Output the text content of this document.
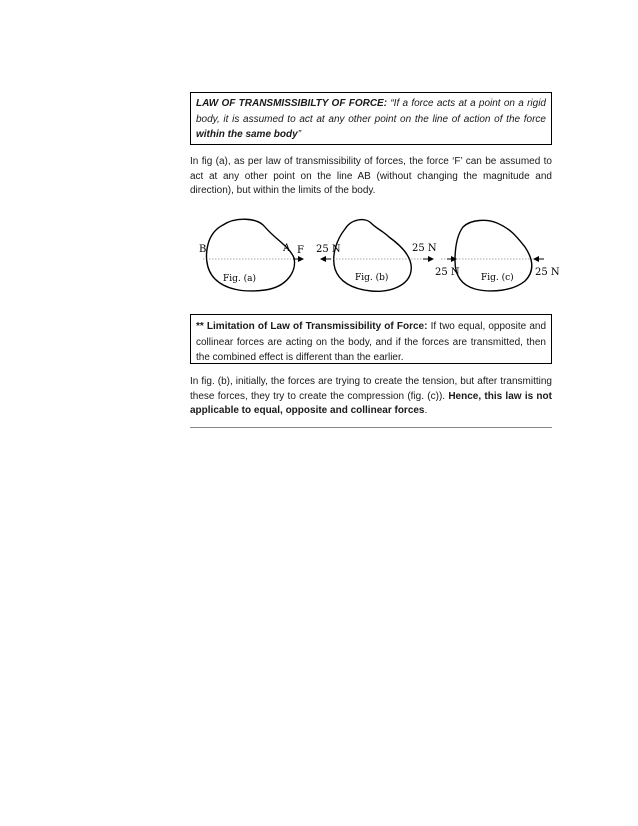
LAW OF TRANSMISSIBILTY OF FORCE: “If a force acts at a point on a rigid body, it is assumed to act at any other point on the line of action of the force within the same body”

In fig (a), as per law of transmissibility of forces, the force ‘F’ can be assumed to act at any other point on the line AB (without changing the magnitude and direction), but within the limits of the body.

B	A F
Fig. (a)
25 N	25 N
Fig. (b)	25 N	25 N
Fig. (c)
** Limitation of Law of Transmissibility of Force: If two equal, opposite and collinear forces are acting on the body, and if the forces are transmitted, then the combined effect is different than the earlier.

In fig. (b), initially, the forces are trying to create the tension, but after transmitting these forces, they try to create the compression (fig. (c)). Hence, this law is not applicable to equal, opposite and collinear forces.
